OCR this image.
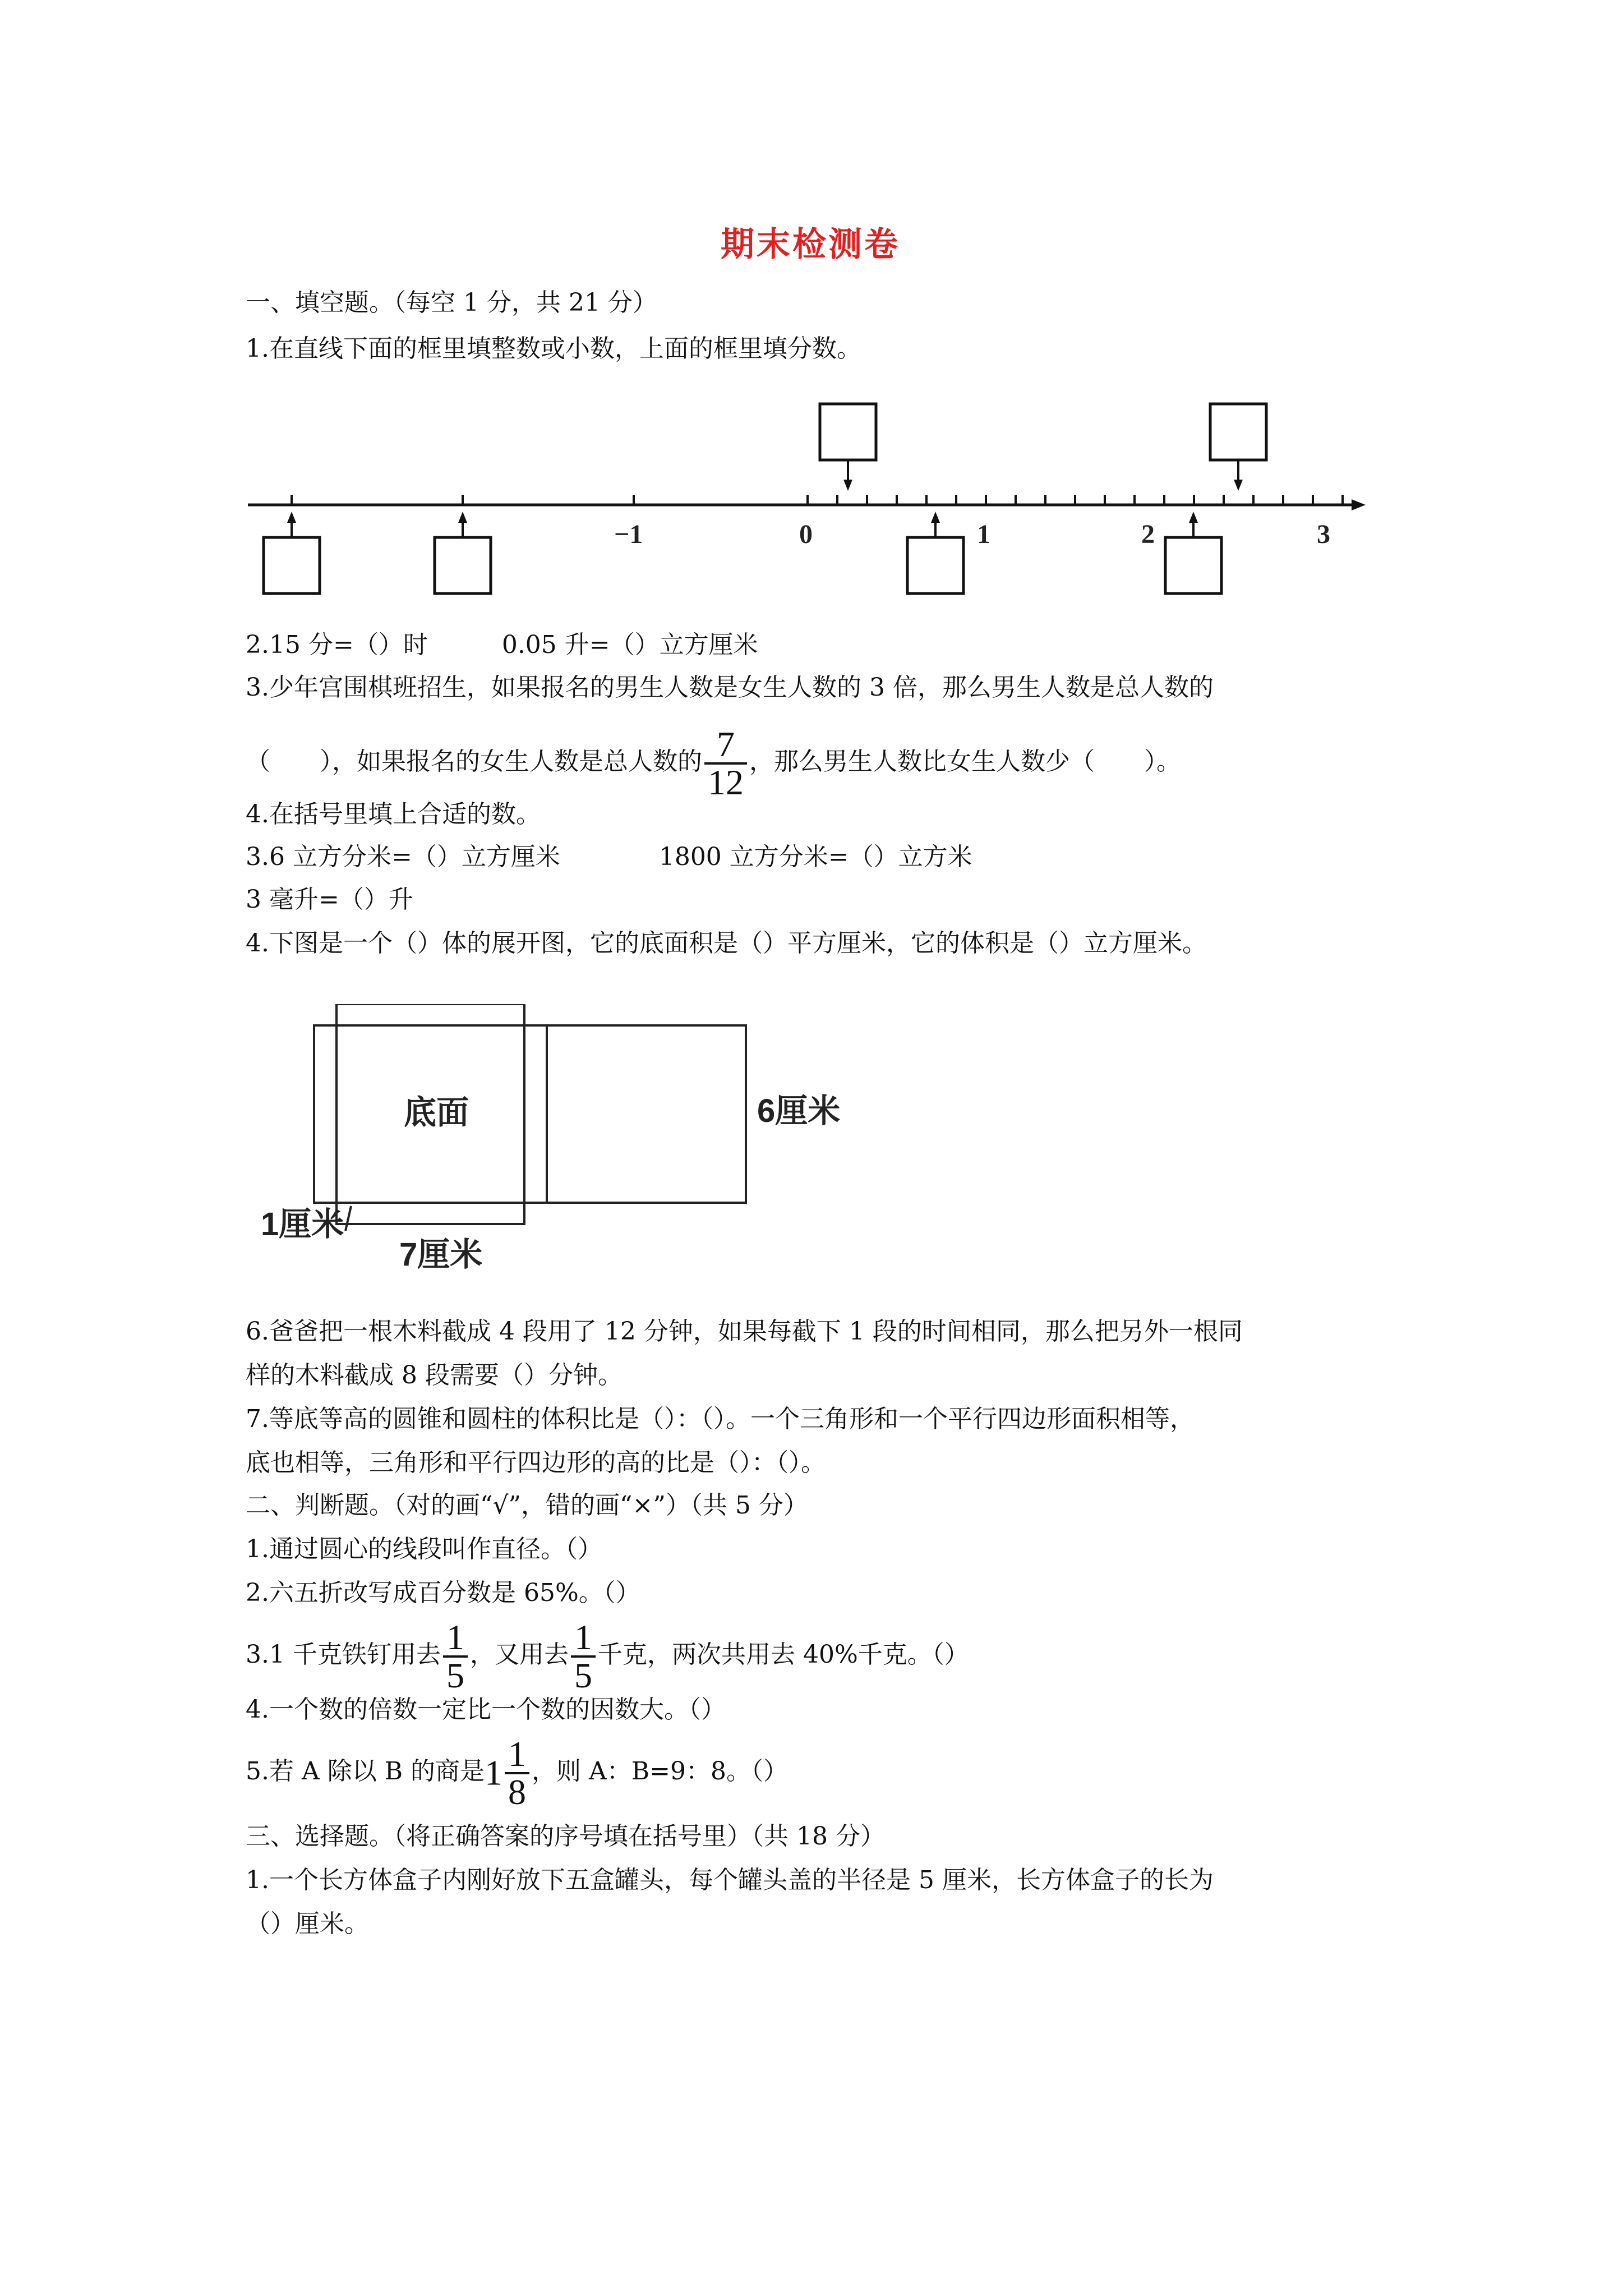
期末检测卷
一、填空题。（每空 1 分，共 21 分）
1.在直线下面的框里填整数或小数，上面的框里填分数。
−1	0	1	2	3
2.15 分=（）时　　　0.05 升=（）立方厘米
3.少年宫围棋班招生，如果报名的男生人数是女生人数的 3 倍，那么男生人数是总人数的
（　　），如果报名的女生人数是总人数的 $\frac{7}{12}$ ，那么男生人数比女生人数少（　　）。
4.在括号里填上合适的数。
3.6 立方分米=（）立方厘米　　　　1800 立方分米=（）立方米
3 毫升=（）升
4.下图是一个（）体的展开图，它的底面积是（）平方厘米，它的体积是（）立方厘米。
底面	6厘米
1厘米
7厘米
6.爸爸把一根木料截成 4 段用了 12 分钟，如果每截下 1 段的时间相同，那么把另外一根同
样的木料截成 8 段需要（）分钟。
7.等底等高的圆锥和圆柱的体积比是（）：（）。一个三角形和一个平行四边形面积相等，
底也相等，三角形和平行四边形的高的比是（）：（）。
二、判断题。（对的画“√”，错的画“×”）（共 5 分）
1.通过圆心的线段叫作直径。（）
2.六五折改写成百分数是 65%。（）
3.1 千克铁钉用去 $\frac{1}{5}$ ，又用去 $\frac{1}{5}$ 千克，两次共用去 40%千克。（）
4.一个数的倍数一定比一个数的因数大。（）
5.若 A 除以 B 的商是$1 \frac{1}{8}$ ，则 A：B=9：8。（）
三、选择题。（将正确答案的序号填在括号里）（共 18 分）
1.一个长方体盒子内刚好放下五盒罐头，每个罐头盖的半径是 5 厘米，长方体盒子的长为
（）厘米。
